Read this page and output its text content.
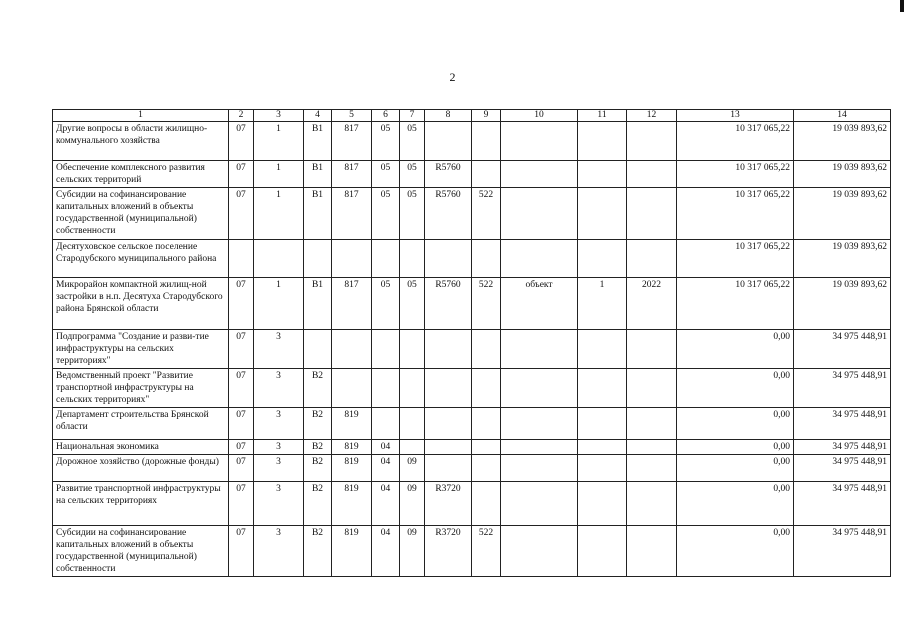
2
1	2	3	4	5	6	7	8	9	10	11	12	13	14
Другие вопросы в области жилищно-коммунального хозяйства	07	1	В1	817	05	05						10 317 065,22	19 039 893,62
Обеспечение комплексного развития сельских территорий	07	1	В1	817	05	05	R5760					10 317 065,22	19 039 893,62
Субсидии на софинансирование капитальных вложений в объекты государственной (муниципальной) собственности	07	1	В1	817	05	05	R5760	522				10 317 065,22	19 039 893,62
Десятуховское сельское поселение Стародубского муниципального района												10 317 065,22	19 039 893,62
Микрорайон компактной жилищ-ной застройки в н.п. Десятуха Стародубского района Брянской области	07	1	В1	817	05	05	R5760	522	объект	1	2022	10 317 065,22	19 039 893,62
Подпрограмма "Создание и разви-тие инфраструктуры на сельских территориях"	07	3										0,00	34 975 448,91
Ведомственный проект "Развитие транспортной инфраструктуры на сельских территориях"	07	3	В2									0,00	34 975 448,91
Департамент строительства Брянской области	07	3	В2	819								0,00	34 975 448,91
Национальная экономика	07	3	В2	819	04							0,00	34 975 448,91
Дорожное хозяйство (дорожные фонды)	07	3	В2	819	04	09						0,00	34 975 448,91
Развитие транспортной инфраструктуры на сельских территориях	07	3	В2	819	04	09	R3720					0,00	34 975 448,91
Субсидии на софинансирование капитальных вложений в объекты государственной (муниципальной) собственности	07	3	В2	819	04	09	R3720	522				0,00	34 975 448,91
